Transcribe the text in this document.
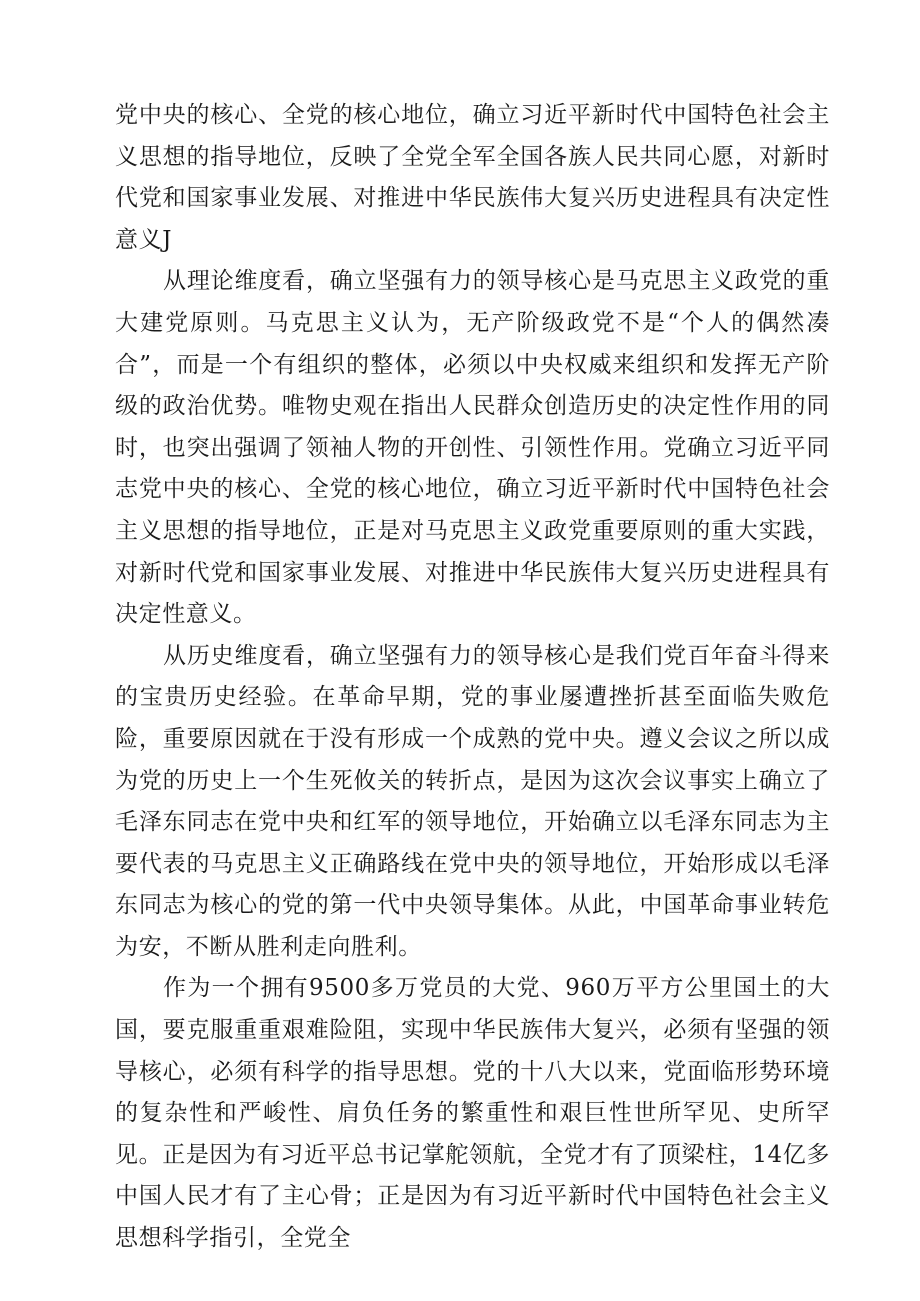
党中央的核心、全党的核心地位，确立习近平新时代中国特色社会主义思想的指导地位，反映了全党全军全国各族人民共同心愿，对新时代党和国家事业发展、对推进中华民族伟大复兴历史进程具有决定性意义J

从理论维度看，确立坚强有力的领导核心是马克思主义政党的重大建党原则。马克思主义认为，无产阶级政党不是“个人的偶然凑合”，而是一个有组织的整体，必须以中央权威来组织和发挥无产阶级的政治优势。唯物史观在指出人民群众创造历史的决定性作用的同时，也突出强调了领袖人物的开创性、引领性作用。党确立习近平同志党中央的核心、全党的核心地位，确立习近平新时代中国特色社会主义思想的指导地位，正是对马克思主义政党重要原则的重大实践，对新时代党和国家事业发展、对推进中华民族伟大复兴历史进程具有决定性意义。

从历史维度看，确立坚强有力的领导核心是我们党百年奋斗得来的宝贵历史经验。在革命早期，党的事业屡遭挫折甚至面临失败危险，重要原因就在于没有形成一个成熟的党中央。遵义会议之所以成为党的历史上一个生死攸关的转折点，是因为这次会议事实上确立了毛泽东同志在党中央和红军的领导地位，开始确立以毛泽东同志为主要代表的马克思主义正确路线在党中央的领导地位，开始形成以毛泽东同志为核心的党的第一代中央领导集体。从此，中国革命事业转危为安，不断从胜利走向胜利。

作为一个拥有9500多万党员的大党、960万平方公里国土的大国，要克服重重艰难险阻，实现中华民族伟大复兴，必须有坚强的领导核心，必须有科学的指导思想。党的十八大以来，党面临形势环境的复杂性和严峻性、肩负任务的繁重性和艰巨性世所罕见、史所罕见。正是因为有习近平总书记掌舵领航，全党才有了顶梁柱，14亿多中国人民才有了主心骨；正是因为有习近平新时代中国特色社会主义思想科学指引，全党全
